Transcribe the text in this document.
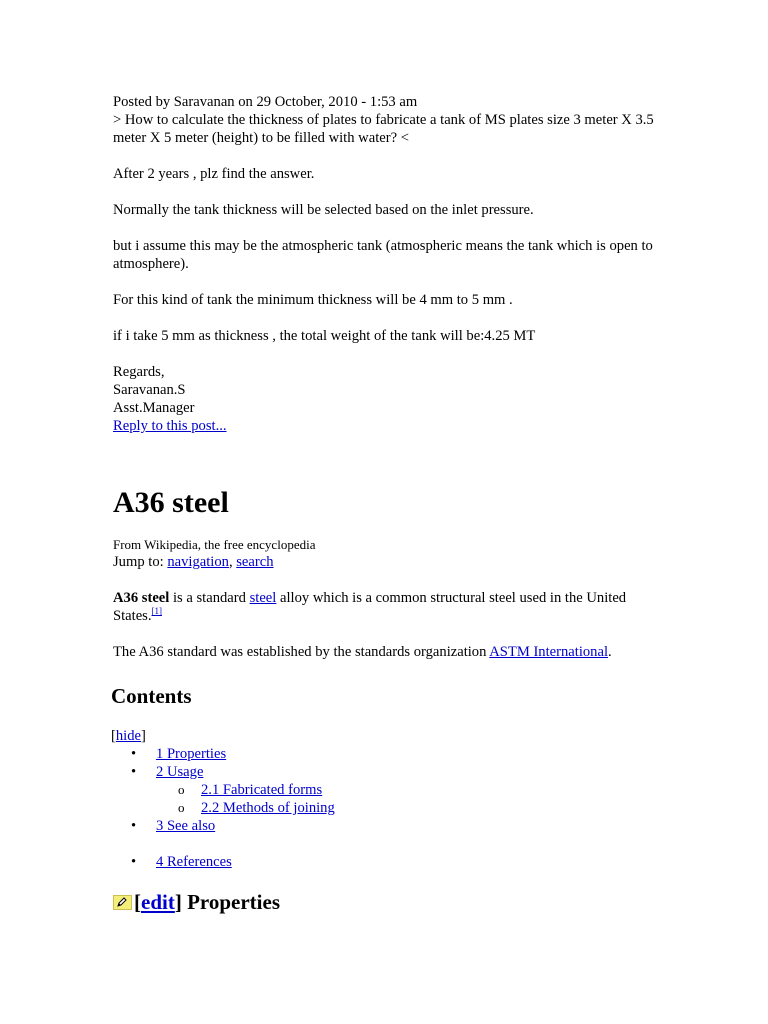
Posted by Saravanan on 29 October, 2010 - 1:53 am

> How to calculate the thickness of plates to fabricate a tank of MS plates size 3 meter X 3.5 meter X 5 meter (height) to be filled with water? <

After 2 years , plz find the answer.

Normally the tank thickness will be selected based on the inlet pressure.

but i assume this may be the atmospheric tank (atmospheric means the tank which is open to atmosphere).

For this kind of tank the minimum thickness will be 4 mm to 5 mm .

if i take 5 mm as thickness , the total weight of the tank will be:4.25 MT

Regards,

Saravanan.S

Asst.Manager

Reply to this post...

A36 steel

From Wikipedia, the free encyclopedia

Jump to: navigation, search

A36 steel is a standard steel alloy which is a common structural steel used in the United States.[1]

The A36 standard was established by the standards organization ASTM International.

Contents

[hide]

• 1 Properties
• 2 Usage
o 2.1 Fabricated forms
o 2.2 Methods of joining
• 3 See also
• 4 References
[edit] Properties
